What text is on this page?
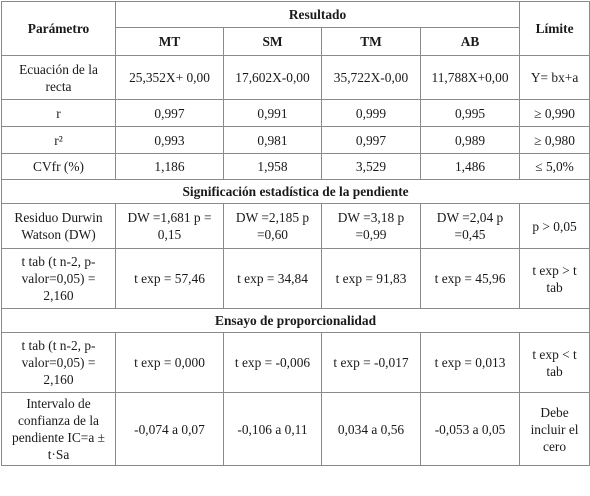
Parámetro	Resultado				Límite
	MT	SM	TM	AB	
Ecuación de la recta	25,352X+ 0,00	17,602X-0,00	35,722X-0,00	11,788X+0,00	Y= bx+a
r	0,997	0,991	0,999	0,995	≥ 0,990
r²	0,993	0,981	0,997	0,989	≥ 0,980
CVfr (%)	1,186	1,958	3,529	1,486	≤ 5,0%
Significación estadística de la pendiente					
Residuo Durwin Watson (DW)	DW =1,681 p = 0,15	DW =2,185 p =0,60	DW =3,18 p =0,99	DW =2,04 p =0,45	p > 0,05
t tab (t n-2, p-valor=0,05) = 2,160	t exp = 57,46	t exp = 34,84	t exp = 91,83	t exp = 45,96	t exp > t tab
Ensayo de proporcionalidad					
t tab (t n-2, p-valor=0,05) = 2,160	t exp = 0,000	t exp = -0,006	t exp = -0,017	t exp = 0,013	t exp < t tab
Intervalo de confianza de la pendiente IC=a ± t·Sa	-0,074 a 0,07	-0,106 a 0,11	0,034 a 0,56	-0,053 a 0,05	Debe incluir el cero
